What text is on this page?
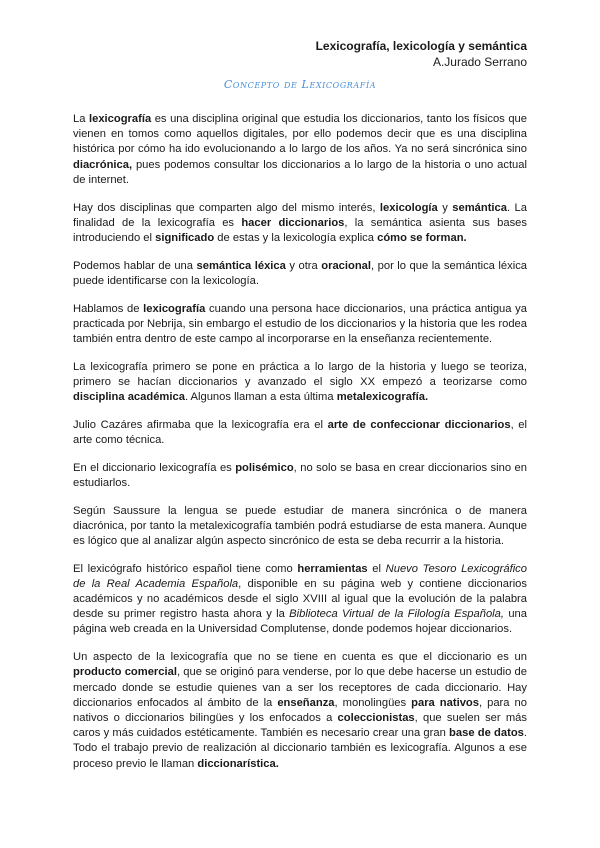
Lexicografía, lexicología y semántica
A.Jurado Serrano
Concepto de Lexicografía

La lexicografía es una disciplina original que estudia los diccionarios, tanto los físicos que vienen en tomos como aquellos digitales, por ello podemos decir que es una disciplina histórica por cómo ha ido evolucionando a lo largo de los años. Ya no será sincrónica sino diacrónica, pues podemos consultar los diccionarios a lo largo de la historia o uno actual de internet.

Hay dos disciplinas que comparten algo del mismo interés, lexicología y semántica. La finalidad de la lexicografía es hacer diccionarios, la semántica asienta sus bases introduciendo el significado de estas y la lexicología explica cómo se forman.

Podemos hablar de una semántica léxica y otra oracional, por lo que la semántica léxica puede identificarse con la lexicología.

Hablamos de lexicografía cuando una persona hace diccionarios, una práctica antigua ya practicada por Nebrija, sin embargo el estudio de los diccionarios y la historia que les rodea también entra dentro de este campo al incorporarse en la enseñanza recientemente.

La lexicografía primero se pone en práctica a lo largo de la historia y luego se teoriza, primero se hacían diccionarios y avanzado el siglo XX empezó a teorizarse como disciplina académica. Algunos llaman a esta última metalexicografía.

Julio Cazáres afirmaba que la lexicografía era el arte de confeccionar diccionarios, el arte como técnica.

En el diccionario lexicografía es polisémico, no solo se basa en crear diccionarios sino en estudiarlos.

Según Saussure la lengua se puede estudiar de manera sincrónica o de manera diacrónica, por tanto la metalexicografía también podrá estudiarse de esta manera. Aunque es lógico que al analizar algún aspecto sincrónico de esta se deba recurrir a la historia.

El lexicógrafo histórico español tiene como herramientas el Nuevo Tesoro Lexicográfico de la Real Academia Española, disponible en su página web y contiene diccionarios académicos y no académicos desde el siglo XVIII al igual que la evolución de la palabra desde su primer registro hasta ahora y la Biblioteca Virtual de la Filología Española, una página web creada en la Universidad Complutense, donde podemos hojear diccionarios.

Un aspecto de la lexicografía que no se tiene en cuenta es que el diccionario es un producto comercial, que se originó para venderse, por lo que debe hacerse un estudio de mercado donde se estudie quienes van a ser los receptores de cada diccionario. Hay diccionarios enfocados al ámbito de la enseñanza, monolingües para nativos, para no nativos o diccionarios bilingües y los enfocados a coleccionistas, que suelen ser más caros y más cuidados estéticamente. También es necesario crear una gran base de datos. Todo el trabajo previo de realización al diccionario también es lexicografía. Algunos a ese proceso previo le llaman diccionarística.
